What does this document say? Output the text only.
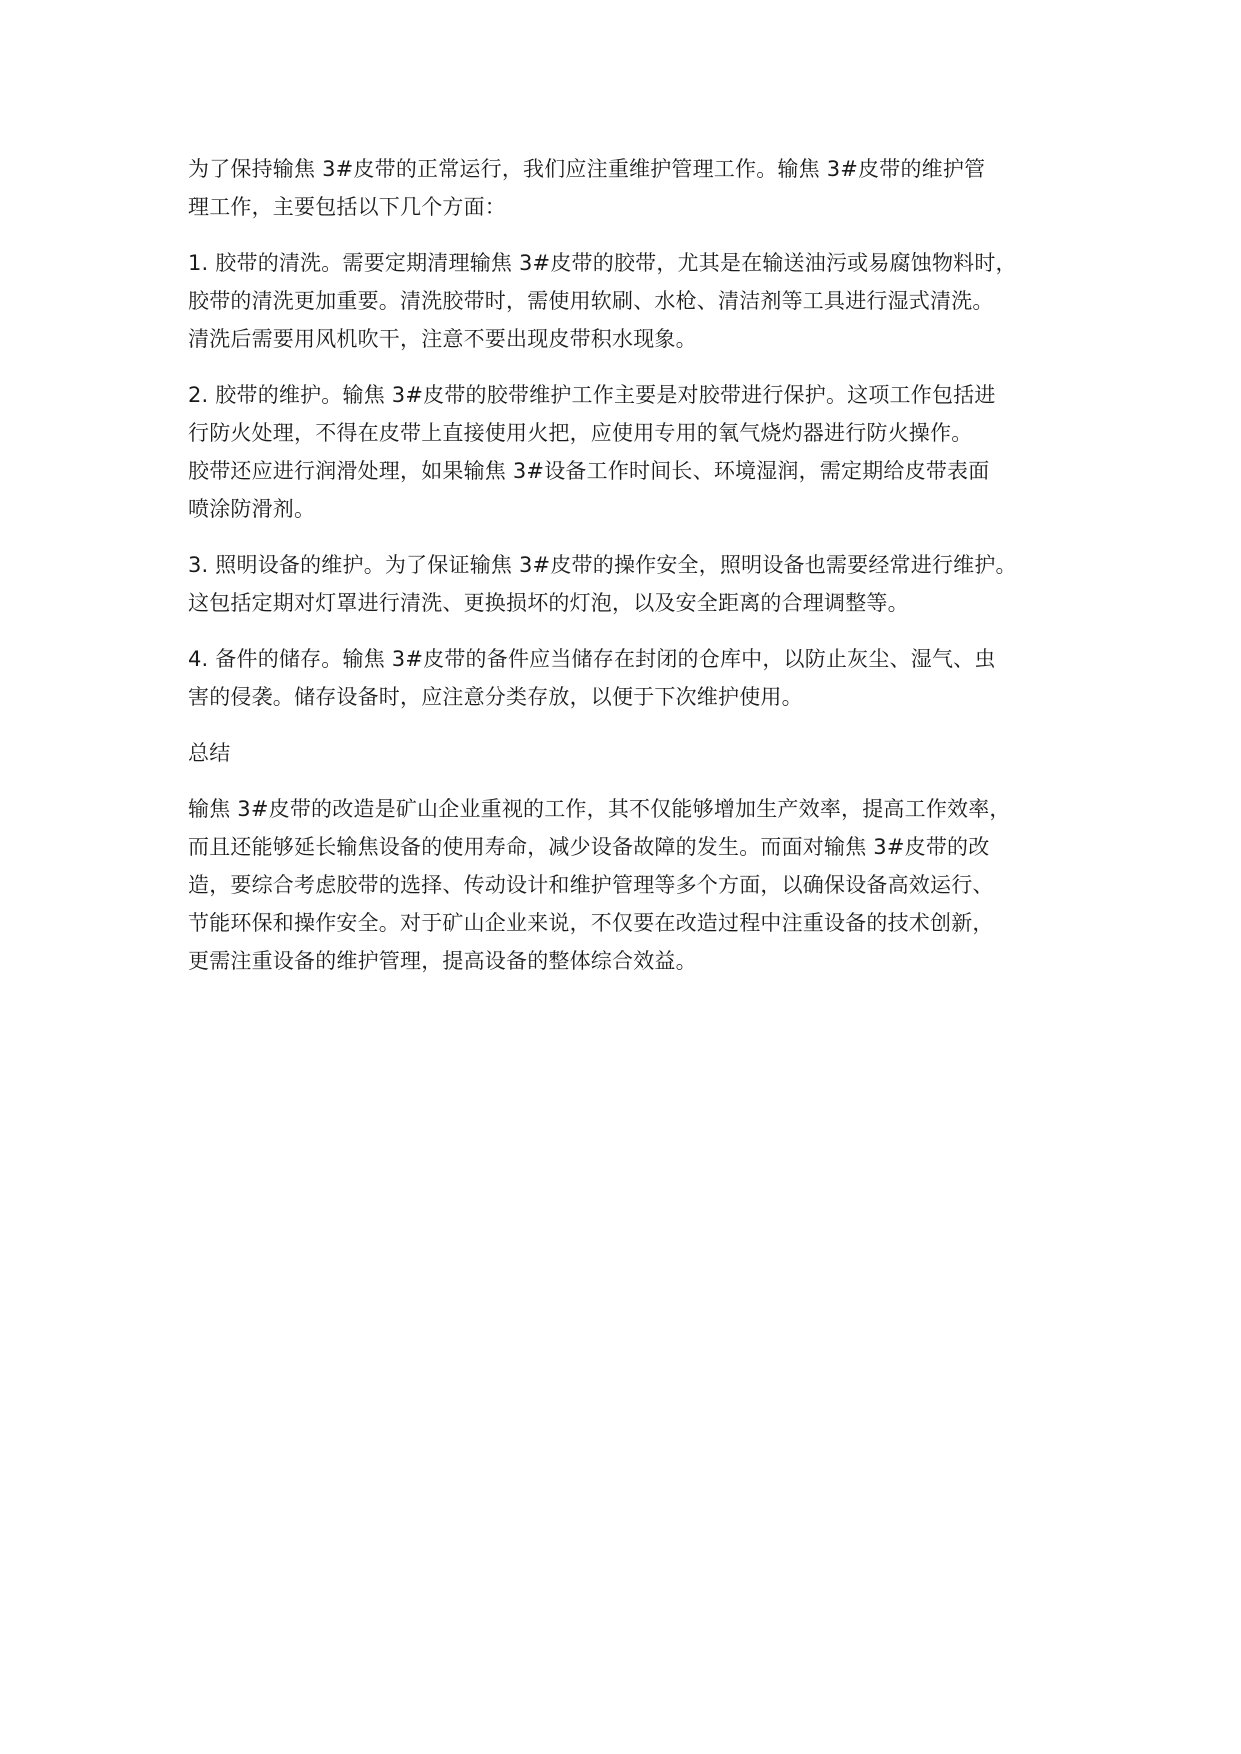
为了保持输焦 3#皮带的正常运行，我们应注重维护管理工作。输焦 3#皮带的维护管
理工作，主要包括以下几个方面：

1. 胶带的清洗。需要定期清理输焦 3#皮带的胶带，尤其是在输送油污或易腐蚀物料时，
胶带的清洗更加重要。清洗胶带时，需使用软刷、水枪、清洁剂等工具进行湿式清洗。
清洗后需要用风机吹干，注意不要出现皮带积水现象。

2. 胶带的维护。输焦 3#皮带的胶带维护工作主要是对胶带进行保护。这项工作包括进
行防火处理，不得在皮带上直接使用火把，应使用专用的氧气烧灼器进行防火操作。
胶带还应进行润滑处理，如果输焦 3#设备工作时间长、环境湿润，需定期给皮带表面
喷涂防滑剂。

3. 照明设备的维护。为了保证输焦 3#皮带的操作安全，照明设备也需要经常进行维护。
这包括定期对灯罩进行清洗、更换损坏的灯泡，以及安全距离的合理调整等。

4. 备件的储存。输焦 3#皮带的备件应当储存在封闭的仓库中，以防止灰尘、湿气、虫
害的侵袭。储存设备时，应注意分类存放，以便于下次维护使用。

总结

输焦 3#皮带的改造是矿山企业重视的工作，其不仅能够增加生产效率，提高工作效率，
而且还能够延长输焦设备的使用寿命，减少设备故障的发生。而面对输焦 3#皮带的改
造，要综合考虑胶带的选择、传动设计和维护管理等多个方面，以确保设备高效运行、
节能环保和操作安全。对于矿山企业来说，不仅要在改造过程中注重设备的技术创新，
更需注重设备的维护管理，提高设备的整体综合效益。
